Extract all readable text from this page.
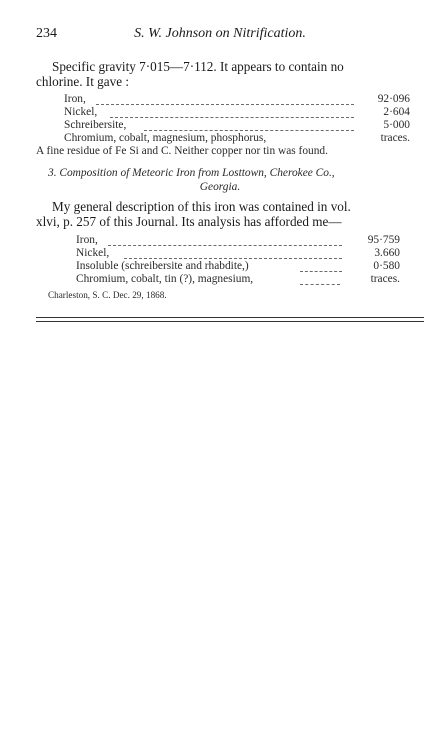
234	S. W. Johnson on Nitrification.
Specific gravity 7·015—7·112. It appears to contain no
chlorine. It gave :
Iron,	92·096
Nickel,	2·604
Schreibersite,	5·000
Chromium, cobalt, magnesium, phosphorus,	traces.
A fine residue of Fe Si and C. Neither copper nor tin was found.
3. Composition of Meteoric Iron from Losttown, Cherokee Co.,
Georgia.
My general description of this iron was contained in vol.
xlvi, p. 257 of this Journal. Its analysis has afforded me—
Iron,	95·759
Nickel,	3.660
Insoluble (schreibersite and rhabdite,)	0·580
Chromium, cobalt, tin (?), magnesium,	traces.
Charleston, S. C. Dec. 29, 1868.
